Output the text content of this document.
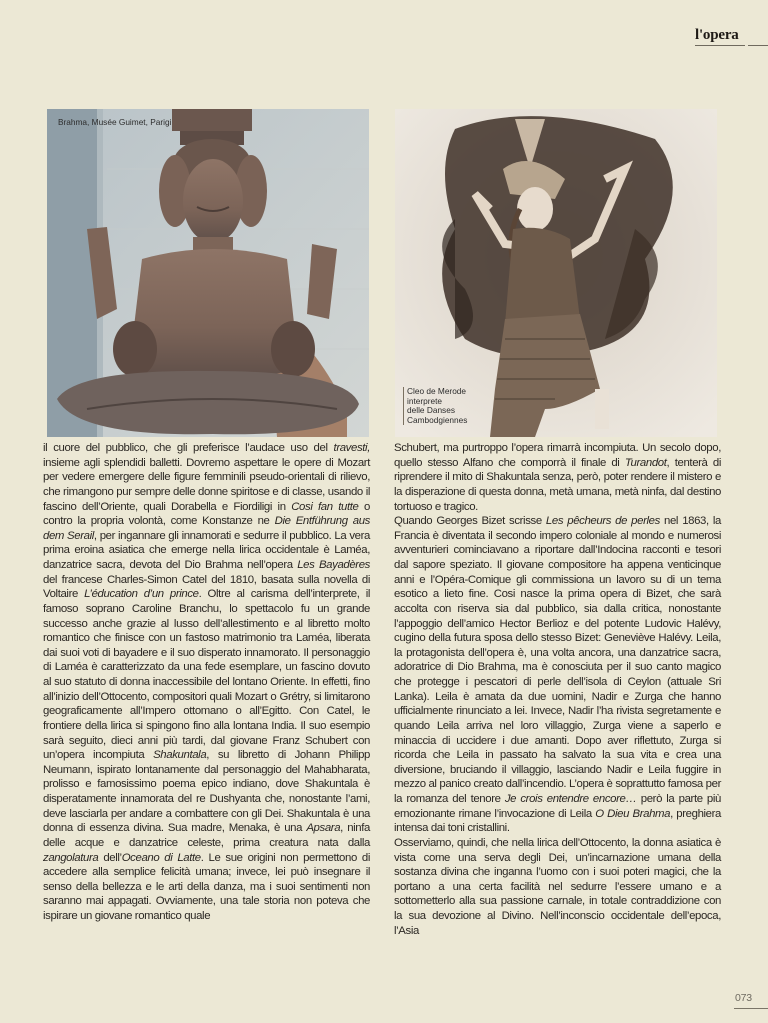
l'opera
Brahma, Musée Guimet, Parigi
Cleo de Merode
interprete
delle Danses
Cambodgiennes

il cuore del pubblico, che gli preferisce l’audace uso del travesti, insieme agli splendidi balletti. Dovremo aspettare le opere di Mozart per vedere emergere delle figure femminili pseudo-orientali di rilievo, che rimangono pur sempre delle donne spiritose e di classe, usando il fascino dell’Oriente, quali Dorabella e Fiordiligi in Cosi fan tutte o contro la propria volontà, come Konstanze ne Die Entführung aus dem Serail, per ingannare gli innamorati e sedurre il pubblico. La vera prima eroina asiatica che emerge nella lirica occidentale è Laméa, danzatrice sacra, devota del Dio Brahma nell’opera Les Bayadères del francese Charles-Simon Catel del 1810, basata sulla novella di Voltaire L’éducation d’un prince. Oltre al carisma dell’interprete, il famoso soprano Caroline Branchu, lo spettacolo fu un grande successo anche grazie al lusso dell’allestimento e al libretto molto romantico che finisce con un fastoso matrimonio tra Laméa, liberata dai suoi voti di bayadere e il suo disperato innamorato. Il personaggio di Laméa è caratterizzato da una fede esemplare, un fascino dovuto al suo statuto di donna inaccessibile del lontano Oriente. In effetti, fino all’inizio dell’Ottocento, compositori quali Mozart o Grétry, si limitarono geograficamente all’Impero ottomano o all’Egitto. Con Catel, le frontiere della lirica si spingono fino alla lontana India. Il suo esempio sarà seguito, dieci anni più tardi, dal giovane Franz Schubert con un’opera incompiuta Shakuntala, su libretto di Johann Philipp Neumann, ispirato lontanamente dal personaggio del Mahabharata, prolisso e famosissimo poema epico indiano, dove Shakuntala è disperatamente innamorata del re Dushyanta che, nonostante l’ami, deve lasciarla per andare a combattere con gli Dei. Shakuntala è una donna di essenza divina. Sua madre, Menaka, è una Apsara, ninfa delle acque e danzatrice celeste, prima creatura nata dalla zangolatura dell’Oceano di Latte. Le sue origini non permettono di accedere alla semplice felicità umana; invece, lei può insegnare il senso della bellezza e le arti della danza, ma i suoi sentimenti non saranno mai appagati. Ovviamente, una tale storia non poteva che ispirare un giovane romantico quale

Schubert, ma purtroppo l’opera rimarrà incompiuta. Un secolo dopo, quello stesso Alfano che comporrà il finale di Turandot, tenterà di riprendere il mito di Shakuntala senza, però, poter rendere il mistero e la disperazione di questa donna, metà umana, metà ninfa, dal destino tortuoso e tragico.

Quando Georges Bizet scrisse Les pêcheurs de perles nel 1863, la Francia è diventata il secondo impero coloniale al mondo e numerosi avventurieri cominciavano a riportare dall’Indocina racconti e tesori dal sapore speziato. Il giovane compositore ha appena venticinque anni e l’Opéra-Comique gli commissiona un lavoro su di un tema esotico a lieto fine. Cosi nasce la prima opera di Bizet, che sarà accolta con riserva sia dal pubblico, sia dalla critica, nonostante l’appoggio dell’amico Hector Berlioz e del potente Ludovic Halévy, cugino della futura sposa dello stesso Bizet: Geneviève Halévy. Leila, la protagonista dell’opera è, una volta ancora, una danzatrice sacra, adoratrice di Dio Brahma, ma è conosciuta per il suo canto magico che protegge i pescatori di perle dell’isola di Ceylon (attuale Sri Lanka). Leila è amata da due uomini, Nadir e Zurga che hanno ufficialmente rinunciato a lei. Invece, Nadir l’ha rivista segretamente e quando Leila arriva nel loro villaggio, Zurga viene a saperlo e minaccia di uccidere i due amanti. Dopo aver riflettuto, Zurga si ricorda che Leila in passato ha salvato la sua vita e crea una diversione, bruciando il villaggio, lasciando Nadir e Leila fuggire in mezzo al panico creato dall’incendio. L’opera è soprattutto famosa per la romanza del tenore Je crois entendre encore… però la parte più emozionante rimane l’invocazione di Leila O Dieu Brahma, preghiera intensa dai toni cristallini.

Osserviamo, quindi, che nella lirica dell’Ottocento, la donna asiatica è vista come una serva degli Dei, un’incarnazione umana della sostanza divina che inganna l’uomo con i suoi poteri magici, che la portano a una certa facilità nel sedurre l’essere umano e a sottometterlo alla sua passione carnale, in totale contraddizione con la sua devozione al Divino. Nell’inconscio occidentale dell’epoca, l’Asia

073
